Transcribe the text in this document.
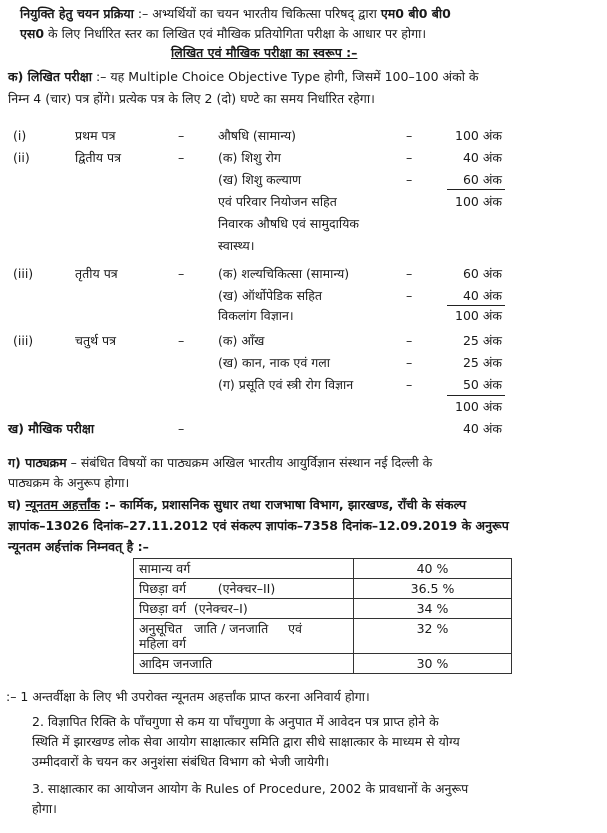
नियुक्ति हेतु चयन प्रक्रिया :– अभ्यर्थियों का चयन भारतीय चिकित्सा परिषद् द्वारा एम0 बी0 बी0
एस0 के लिए निर्धारित स्तर का लिखित एवं मौखिक प्रतियोगिता परीक्षा के आधार पर होगा।
लिखित एवं मौखिक परीक्षा का स्वरूप :–
क) लिखित परीक्षा :– यह Multiple Choice Objective Type होगी, जिसमें 100–100 अंको के
निम्न 4 (चार) पत्र होंगे। प्रत्येक पत्र के लिए 2 (दो) घण्टे का समय निर्धारित रहेगा।
(i)	प्रथम पत्र	–	औषधि (सामान्य)	–	100 अंक
(ii)	द्वितीय पत्र	–	(क) शिशु रोग	–	40 अंक
(ख) शिशु कल्याण	–	60 अंक
एवं परिवार नियोजन सहित	100 अंक
निवारक औषधि एवं सामुदायिक
स्वास्थ्य।
(iii)	तृतीय पत्र	–	(क) शल्यचिकित्सा (सामान्य)	–	60 अंक
(ख) ऑर्थोपेडिक सहित	–	40 अंक
विकलांग विज्ञान।	100 अंक
(iii)	चतुर्थ पत्र	–	(क) आँख	–	25 अंक
(ख) कान, नाक एवं गला	–	25 अंक
(ग) प्रसूति एवं स्त्री रोग विज्ञान	–	50 अंक
100 अंक
ख) मौखिक परीक्षा	–	40 अंक
ग) पाठ्यक्रम – संबंधित विषयों का पाठ्यक्रम अखिल भारतीय आयुर्विज्ञान संस्थान नई दिल्ली के
पाठ्यक्रम के अनुरूप होगा।
घ) न्यूनतम अहर्त्तांक :– कार्मिक, प्रशासनिक सुधार तथा राजभाषा विभाग, झारखण्ड, राँची के संकल्प
ज्ञापांक–13026 दिनांक–27.11.2012 एवं संकल्प ज्ञापांक–7358 दिनांक–12.09.2019 के अनुरूप
न्यूनतम अर्हत्तांक निम्नवत् है :–
सामान्य वर्ग	40 %
पिछड़ा वर्ग        (एनेक्चर–II)	36.5 %
पिछड़ा वर्ग  (एनेक्चर–I)	34 %

अनुसूचित   जाति / जनजाति     एवं
महिला वर्ग	32 %
आदिम जनजाति	30 %
:– 1 अन्तर्वीक्षा के लिए भी उपरोक्त न्यूनतम अहर्त्तांक प्राप्त करना अनिवार्य होगा।
2. विज्ञापित रिक्ति के पाँचगुणा से कम या पाँचगुणा के अनुपात में आवेदन पत्र प्राप्त होने के
स्थिति में झारखण्ड लोक सेवा आयोग साक्षात्कार समिति द्वारा सीधे साक्षात्कार के माध्यम से योग्य
उम्मीदवारों के चयन कर अनुशंसा संबंधित विभाग को भेजी जायेगी।
3. साक्षात्कार का आयोजन आयोग के Rules of Procedure, 2002 के प्रावधानों के अनुरूप
होगा।
